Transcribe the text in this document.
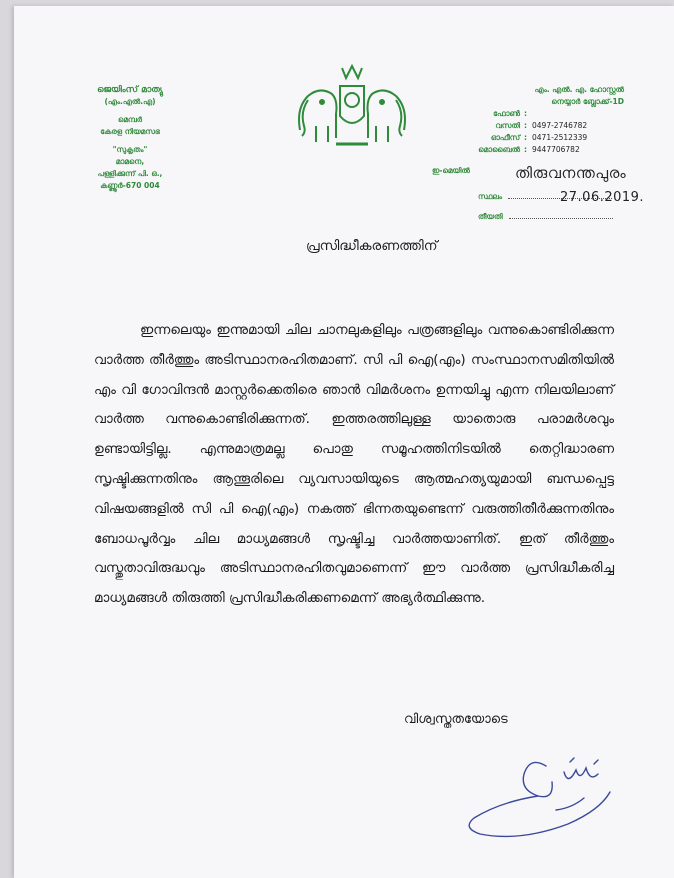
ജെയിംസ് മാത്യു
(എം.എൽ.എ)
മെമ്പർ
കേരള നിയമസഭ
"സുകൃതം"
മാമനെ,
പള്ളിക്കുന്ന് പി. ഒ.,
കണ്ണൂർ-670 004
എം. എൽ. എ. ഹോസ്റ്റൽ
നെയ്യാർ ബ്ലോക്ക്-1D
ഫോൺ :
വസതി : 0497-2746782
ഓഫീസ് : 0471-2512339
മൊബൈൽ : 9447706782
ഇ-മെയിൽ	തിരുവനന്തപുരം
സ്ഥലം	27.06.2019.
തീയതി
പ്രസിദ്ധീകരണത്തിന്
ഇന്നലെയും ഇന്നുമായി ചില ചാനലുകളിലും പത്രങ്ങളിലും വന്നുകൊണ്ടിരിക്കുന്ന വാർത്ത തീർത്തും അടിസ്ഥാനരഹിതമാണ്. സി പി ഐ(എം) സംസ്ഥാനസമിതിയിൽ എം വി ഗോവിന്ദൻ മാസ്റ്റർക്കെതിരെ ഞാൻ വിമർശനം ഉന്നയിച്ചു എന്ന നിലയിലാണ് വാർത്ത വന്നുകൊണ്ടിരിക്കുന്നത്. ഇത്തരത്തിലുള്ള യാതൊരു പരാമർശവും ഉണ്ടായിട്ടില്ല. എന്നുമാത്രമല്ല പൊതു സമൂഹത്തിനിടയിൽ തെറ്റിദ്ധാരണ സൃഷ്ടിക്കുന്നതിനും ആന്തൂരിലെ വ്യവസായിയുടെ ആത്മഹത്യയുമായി ബന്ധപ്പെട്ട വിഷയങ്ങളിൽ സി പി ഐ(എം) നകത്ത് ഭിന്നതയുണ്ടെന്ന് വരുത്തിതീർക്കുന്നതിനും ബോധപൂർവ്വം ചില മാധ്യമങ്ങൾ സൃഷ്ടിച്ച വാർത്തയാണിത്. ഇത് തീർത്തും വസ്തുതാവിരുദ്ധവും അടിസ്ഥാനരഹിതവുമാണെന്ന് ഈ വാർത്ത പ്രസിദ്ധീകരിച്ച മാധ്യമങ്ങൾ തിരുത്തി പ്രസിദ്ധീകരിക്കണമെന്ന് അഭ്യർത്ഥിക്കുന്നു.
വിശ്വസ്തതയോടെ
